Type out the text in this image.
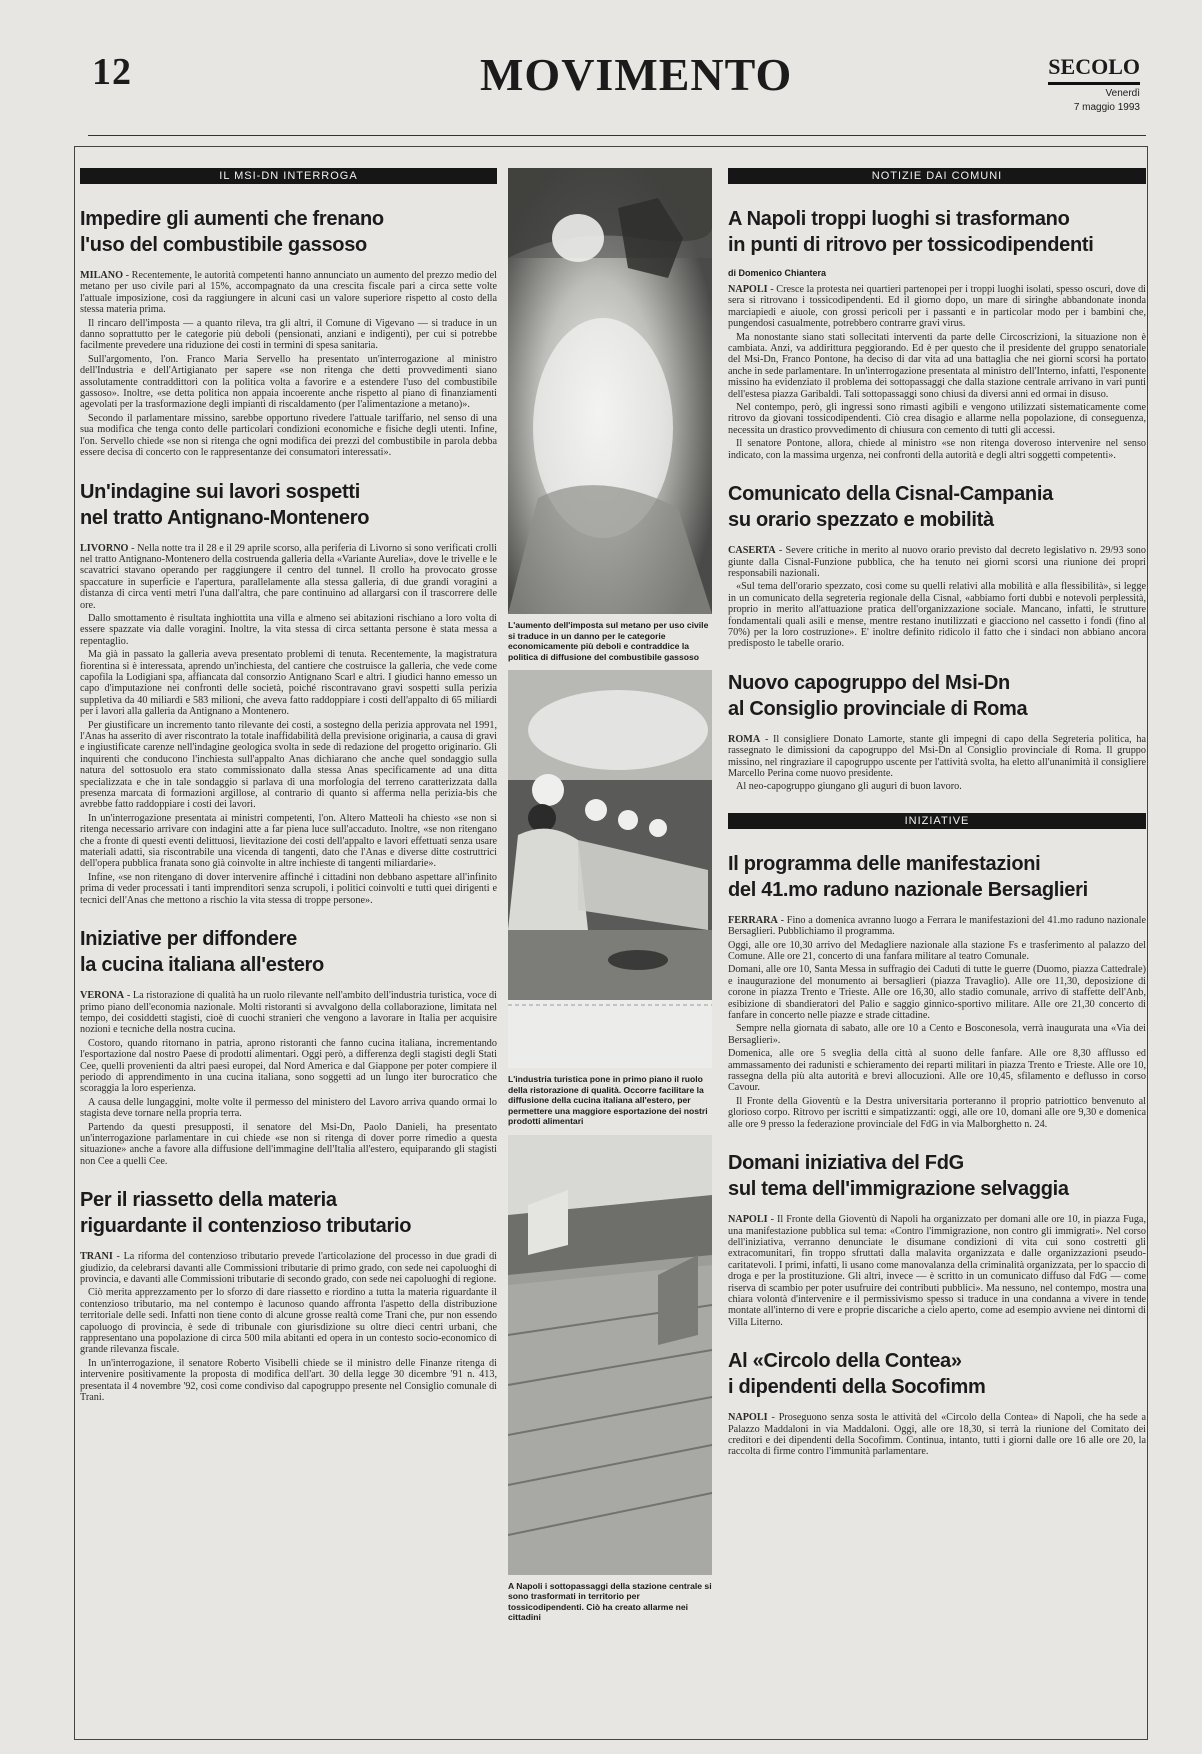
12	MOVIMENTO	SECOLO
Venerdì
7 maggio 1993
IL MSI-DN INTERROGA
Impedire gli aumenti che frenano
l'uso del combustibile gassoso

MILANO - Recentemente, le autorità competenti hanno annunciato un aumento del prezzo medio del metano per uso civile pari al 15%, accompagnato da una crescita fiscale pari a circa sette volte l'attuale imposizione, così da raggiungere in alcuni casi un valore superiore rispetto al costo della stessa materia prima.

Il rincaro dell'imposta — a quanto rileva, tra gli altri, il Comune di Vigevano — si traduce in un danno soprattutto per le categorie più deboli (pensionati, anziani e indigenti), per cui si potrebbe facilmente prevedere una riduzione dei costi in termini di spesa sanitaria.

Sull'argomento, l'on. Franco Maria Servello ha presentato un'interrogazione al ministro dell'Industria e dell'Artigianato per sapere «se non ritenga che detti provvedimenti siano assolutamente contraddittori con la politica volta a favorire e a estendere l'uso del combustibile gassoso». Inoltre, «se detta politica non appaia incoerente anche rispetto al piano di finanziamenti agevolati per la trasformazione degli impianti di riscaldamento (per l'alimentazione a metano)».

Secondo il parlamentare missino, sarebbe opportuno rivedere l'attuale tariffario, nel senso di una sua modifica che tenga conto delle particolari condizioni economiche e fisiche degli utenti. Infine, l'on. Servello chiede «se non si ritenga che ogni modifica dei prezzi del combustibile in parola debba essere decisa di concerto con le rappresentanze dei consumatori interessati».

Un'indagine sui lavori sospetti
nel tratto Antignano-Montenero

LIVORNO - Nella notte tra il 28 e il 29 aprile scorso, alla periferia di Livorno si sono verificati crolli nel tratto Antignano-Montenero della costruenda galleria della «Variante Aurelia», dove le trivelle e le scavatrici stavano operando per raggiungere il centro del tunnel. Il crollo ha provocato grosse spaccature in superficie e l'apertura, parallelamente alla stessa galleria, di due grandi voragini a distanza di circa venti metri l'una dall'altra, che pare continuino ad allargarsi con il trascorrere delle ore.

Dallo smottamento è risultata inghiottita una villa e almeno sei abitazioni rischiano a loro volta di essere spazzate via dalle voragini. Inoltre, la vita stessa di circa settanta persone è stata messa a repentaglio.

Ma già in passato la galleria aveva presentato problemi di tenuta. Recentemente, la magistratura fiorentina si è interessata, aprendo un'inchiesta, del cantiere che costruisce la galleria, che vede come capofila la Lodigiani spa, affiancata dal consorzio Antignano Scarl e altri. I giudici hanno emesso un capo d'imputazione nei confronti delle società, poiché riscontravano gravi sospetti sulla perizia suppletiva da 40 miliardi e 583 milioni, che aveva fatto raddoppiare i costi dell'appalto di 65 miliardi per i lavori alla galleria da Antignano a Montenero.

Per giustificare un incremento tanto rilevante dei costi, a sostegno della perizia approvata nel 1991, l'Anas ha asserito di aver riscontrato la totale inaffidabilità della previsione originaria, a causa di gravi e ingiustificate carenze nell'indagine geologica svolta in sede di redazione del progetto originario. Gli inquirenti che conducono l'inchiesta sull'appalto Anas dichiarano che anche quel sondaggio sulla natura del sottosuolo era stato commissionato dalla stessa Anas specificamente ad una ditta specializzata e che in tale sondaggio si parlava di una morfologia del terreno caratterizzata dalla presenza marcata di formazioni argillose, al contrario di quanto si afferma nella perizia-bis che avrebbe fatto raddoppiare i costi dei lavori.

In un'interrogazione presentata ai ministri competenti, l'on. Altero Matteoli ha chiesto «se non si ritenga necessario arrivare con indagini atte a far piena luce sull'accaduto. Inoltre, «se non ritengano che a fronte di questi eventi delittuosi, lievitazione dei costi dell'appalto e lavori effettuati senza usare materiali adatti, sia riscontrabile una vicenda di tangenti, dato che l'Anas e diverse ditte costruttrici dell'opera pubblica franata sono già coinvolte in altre inchieste di tangenti miliardarie».

Infine, «se non ritengano di dover intervenire affinché i cittadini non debbano aspettare all'infinito prima di veder processati i tanti imprenditori senza scrupoli, i politici coinvolti e tutti quei dirigenti e tecnici dell'Anas che mettono a rischio la vita stessa di troppe persone».

Iniziative per diffondere
la cucina italiana all'estero

VERONA - La ristorazione di qualità ha un ruolo rilevante nell'ambito dell'industria turistica, voce di primo piano dell'economia nazionale. Molti ristoranti si avvalgono della collaborazione, limitata nel tempo, dei cosiddetti stagisti, cioè di cuochi stranieri che vengono a lavorare in Italia per acquisire nozioni e tecniche della nostra cucina.

Costoro, quando ritornano in patria, aprono ristoranti che fanno cucina italiana, incrementando l'esportazione dal nostro Paese di prodotti alimentari. Oggi però, a differenza degli stagisti degli Stati Cee, quelli provenienti da altri paesi europei, dal Nord America e dal Giappone per poter compiere il periodo di apprendimento in una cucina italiana, sono soggetti ad un lungo iter burocratico che scoraggia la loro esperienza.

A causa delle lungaggini, molte volte il permesso del ministero del Lavoro arriva quando ormai lo stagista deve tornare nella propria terra.

Partendo da questi presupposti, il senatore del Msi-Dn, Paolo Danieli, ha presentato un'interrogazione parlamentare in cui chiede «se non si ritenga di dover porre rimedio a questa situazione» anche a favore alla diffusione dell'immagine dell'Italia all'estero, equiparando gli stagisti non Cee a quelli Cee.

Per il riassetto della materia
riguardante il contenzioso tributario

TRANI - La riforma del contenzioso tributario prevede l'articolazione del processo in due gradi di giudizio, da celebrarsi davanti alle Commissioni tributarie di primo grado, con sede nei capoluoghi di provincia, e davanti alle Commissioni tributarie di secondo grado, con sede nei capoluoghi di regione.

Ciò merita apprezzamento per lo sforzo di dare riassetto e riordino a tutta la materia riguardante il contenzioso tributario, ma nel contempo è lacunoso quando affronta l'aspetto della distribuzione territoriale delle sedi. Infatti non tiene conto di alcune grosse realtà come Trani che, pur non essendo capoluogo di provincia, è sede di tribunale con giurisdizione su oltre dieci centri urbani, che rappresentano una popolazione di circa 500 mila abitanti ed opera in un contesto socio-economico di grande rilevanza fiscale.

In un'interrogazione, il senatore Roberto Visibelli chiede se il ministro delle Finanze ritenga di intervenire positivamente la proposta di modifica dell'art. 30 della legge 30 dicembre '91 n. 413, presentata il 4 novembre '92, così come condiviso dal capogruppo presente nel Consiglio comunale di Trani.

L'aumento dell'imposta sul metano per uso civile si traduce in un danno per le categorie economicamente più deboli e contraddice la politica di diffusione del combustibile gassoso
L'industria turistica pone in primo piano il ruolo della ristorazione di qualità. Occorre facilitare la diffusione della cucina italiana all'estero, per permettere una maggiore esportazione dei nostri prodotti alimentari
A Napoli i sottopassaggi della stazione centrale si sono trasformati in territorio per tossicodipendenti. Ciò ha creato allarme nei cittadini
NOTIZIE DAI COMUNI
A Napoli troppi luoghi si trasformano
in punti di ritrovo per tossicodipendenti
di Domenico Chiantera

NAPOLI - Cresce la protesta nei quartieri partenopei per i troppi luoghi isolati, spesso oscuri, dove di sera si ritrovano i tossicodipendenti. Ed il giorno dopo, un mare di siringhe abbandonate inonda marciapiedi e aiuole, con grossi pericoli per i passanti e in particolar modo per i bambini che, pungendosi casualmente, potrebbero contrarre gravi virus.

Ma nonostante siano stati sollecitati interventi da parte delle Circoscrizioni, la situazione non è cambiata. Anzi, va addirittura peggiorando. Ed è per questo che il presidente del gruppo senatoriale del Msi-Dn, Franco Pontone, ha deciso di dar vita ad una battaglia che nei giorni scorsi ha portato anche in sede parlamentare. In un'interrogazione presentata al ministro dell'Interno, infatti, l'esponente missino ha evidenziato il problema dei sottopassaggi che dalla stazione centrale arrivano in vari punti dell'estesa piazza Garibaldi. Tali sottopassaggi sono chiusi da diversi anni ed ormai in disuso.

Nel contempo, però, gli ingressi sono rimasti agibili e vengono utilizzati sistematicamente come ritrovo da giovani tossicodipendenti. Ciò crea disagio e allarme nella popolazione, di conseguenza, necessita un drastico provvedimento di chiusura con cemento di tutti gli accessi.

Il senatore Pontone, allora, chiede al ministro «se non ritenga doveroso intervenire nel senso indicato, con la massima urgenza, nei confronti della autorità e degli altri soggetti competenti».

Comunicato della Cisnal-Campania
su orario spezzato e mobilità

CASERTA - Severe critiche in merito al nuovo orario previsto dal decreto legislativo n. 29/93 sono giunte dalla Cisnal-Funzione pubblica, che ha tenuto nei giorni scorsi una riunione dei propri responsabili nazionali.

«Sul tema dell'orario spezzato, così come su quelli relativi alla mobilità e alla flessibilità», si legge in un comunicato della segreteria regionale della Cisnal, «abbiamo forti dubbi e notevoli perplessità, proprio in merito all'attuazione pratica dell'organizzazione sociale. Mancano, infatti, le strutture fondamentali quali asili e mense, mentre restano inutilizzati e giacciono nel cassetto i fondi (fino al 70%) per la loro costruzione». E' inoltre definito ridicolo il fatto che i sindaci non abbiano ancora predisposto le tabelle orario.

Nuovo capogruppo del Msi-Dn
al Consiglio provinciale di Roma

ROMA - Il consigliere Donato Lamorte, stante gli impegni di capo della Segreteria politica, ha rassegnato le dimissioni da capogruppo del Msi-Dn al Consiglio provinciale di Roma. Il gruppo missino, nel ringraziare il capogruppo uscente per l'attività svolta, ha eletto all'unanimità il consigliere Marcello Perina come nuovo presidente.

Al neo-capogruppo giungano gli auguri di buon lavoro.

INIZIATIVE
Il programma delle manifestazioni
del 41.mo raduno nazionale Bersaglieri

FERRARA - Fino a domenica avranno luogo a Ferrara le manifestazioni del 41.mo raduno nazionale Bersaglieri. Pubblichiamo il programma.

Oggi, alle ore 10,30 arrivo del Medagliere nazionale alla stazione Fs e trasferimento al palazzo del Comune. Alle ore 21, concerto di una fanfara militare al teatro Comunale.

Domani, alle ore 10, Santa Messa in suffragio dei Caduti di tutte le guerre (Duomo, piazza Cattedrale) e inaugurazione del monumento ai bersaglieri (piazza Travaglio). Alle ore 11,30, deposizione di corone in piazza Trento e Trieste. Alle ore 16,30, allo stadio comunale, arrivo di staffette dell'Anb, esibizione di sbandieratori del Palio e saggio ginnico-sportivo militare. Alle ore 21,30 concerto di fanfare in concerto nelle piazze e strade cittadine.

Sempre nella giornata di sabato, alle ore 10 a Cento e Bosconesola, verrà inaugurata una «Via dei Bersaglieri».

Domenica, alle ore 5 sveglia della città al suono delle fanfare. Alle ore 8,30 afflusso ed ammassamento dei radunisti e schieramento dei reparti militari in piazza Trento e Trieste. Alle ore 10, rassegna della più alta autorità e brevi allocuzioni. Alle ore 10,45, sfilamento e deflusso in corso Cavour.

Il Fronte della Gioventù e la Destra universitaria porteranno il proprio patriottico benvenuto al glorioso corpo. Ritrovo per iscritti e simpatizzanti: oggi, alle ore 10, domani alle ore 9,30 e domenica alle ore 9 presso la federazione provinciale del FdG in via Malborghetto n. 24.

Domani iniziativa del FdG
sul tema dell'immigrazione selvaggia

NAPOLI - Il Fronte della Gioventù di Napoli ha organizzato per domani alle ore 10, in piazza Fuga, una manifestazione pubblica sul tema: «Contro l'immigrazione, non contro gli immigrati». Nel corso dell'iniziativa, verranno denunciate le disumane condizioni di vita cui sono costretti gli extracomunitari, fin troppo sfruttati dalla malavita organizzata e dalle organizzazioni pseudo-caritatevoli. I primi, infatti, li usano come manovalanza della criminalità organizzata, per lo spaccio di droga e per la prostituzione. Gli altri, invece — è scritto in un comunicato diffuso dal FdG — come riserva di scambio per poter usufruire dei contributi pubblici». Ma nessuno, nel contempo, mostra una chiara volontà d'intervenire e il permissivismo spesso si traduce in una condanna a vivere in tende montate all'interno di vere e proprie discariche a cielo aperto, come ad esempio avviene nei dintorni di Villa Literno.

Al «Circolo della Contea»
i dipendenti della Socofimm

NAPOLI - Proseguono senza sosta le attività del «Circolo della Contea» di Napoli, che ha sede a Palazzo Maddaloni in via Maddaloni. Oggi, alle ore 18,30, si terrà la riunione del Comitato dei creditori e dei dipendenti della Socofimm. Continua, intanto, tutti i giorni dalle ore 16 alle ore 20, la raccolta di firme contro l'immunità parlamentare.
